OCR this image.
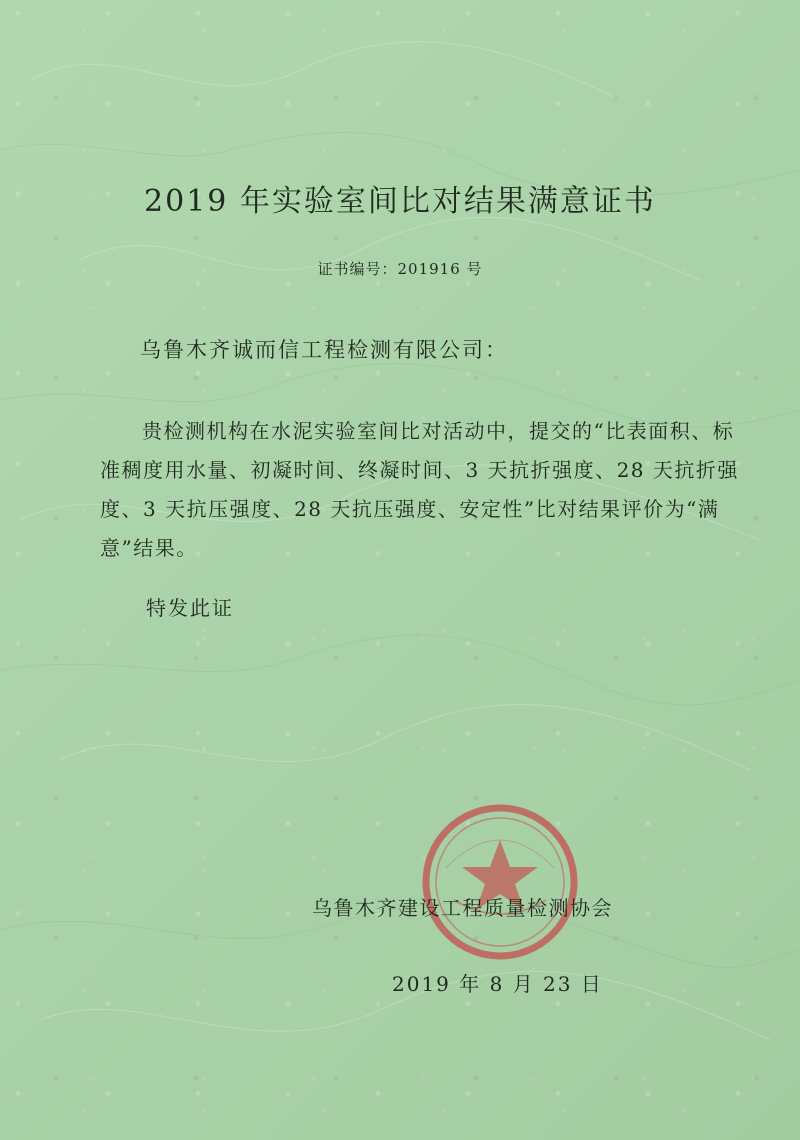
2019 年实验室间比对结果满意证书
证书编号：201916 号
乌鲁木齐诚而信工程检测有限公司：
贵检测机构在水泥实验室间比对活动中，提交的“比表面积、标准稠度用水量、初凝时间、终凝时间、3 天抗折强度、28 天抗折强度、3 天抗压强度、28 天抗压强度、安定性”比对结果评价为“满意”结果。
特发此证
乌鲁木齐建设工程质量检测协会
2019 年 8 月 23 日
